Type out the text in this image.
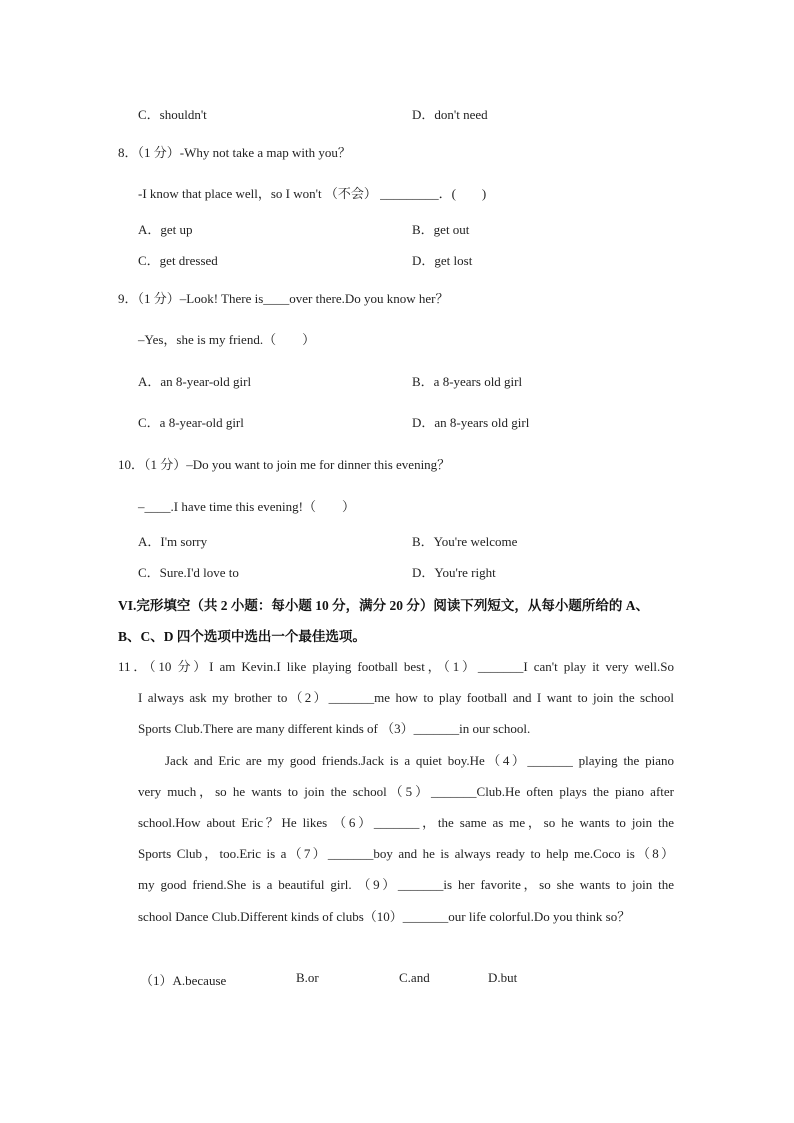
C．shouldn't	D．don't need
8．（1 分）-Why not take a map with you？
-I know that place well，so I won't （不会） _________．(　　)
A．get up	B．get out
C．get dressed	D．get lost
9．（1 分）–Look! There is____over there.Do you know her？
–Yes，she is my friend.（　　）
A．an 8-year-old girl	B．a 8-years old girl
C．a 8-year-old girl	D．an 8-years old girl
10．（1 分）–Do you want to join me for dinner this evening？
–____.I have time this evening!（　　）
A．I'm sorry	B．You're welcome
C．Sure.I'd love to	D．You're right
VI.完形填空（共 2 小题：每小题 10 分，满分 20 分）阅读下列短文，从每小题所给的 A、
B、C、D 四个选项中选出一个最佳选项。
11．（10 分）I am Kevin.I like playing football best，（1）_______I can't play it very well.So
I always ask my brother to（2）_______me how to play football and I want to join the school
Sports Club.There are many different kinds of （3）_______in our school.
Jack and Eric are my good friends.Jack is a quiet boy.He（4）_______ playing the piano
very much，so he wants to join the school（5）_______Club.He often plays the piano after
school.How about Eric？He likes （6）_______，the same as me，so he wants to join the
Sports Club，too.Eric is a（7）_______boy and he is always ready to help me.Coco is（8）
my good friend.She is a beautiful girl. （9）_______is her favorite，so she wants to join the
school Dance Club.Different kinds of clubs（10）_______our life colorful.Do you think so？
（1）A.because	B.or	C.and	D.but
